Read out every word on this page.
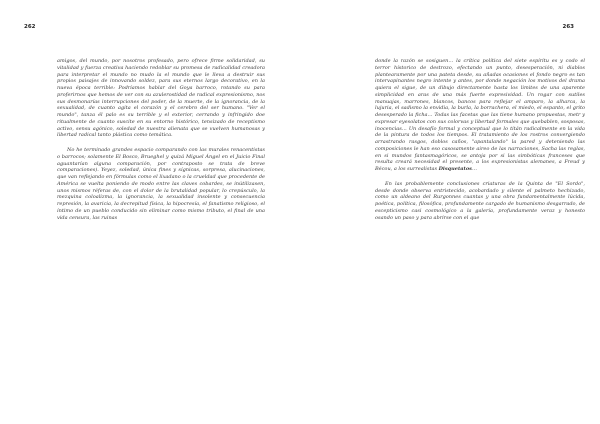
262

amigos, del mundo, por nosotros profesado, pero ofrece firme solidaridad, su vitalidad y fuerza creativa haciendo redoblar su promesa de radicalidad creadora para interpretar el mundo no mudo la el mundo que le lleva a destruir sus propios paisajes de innovando soldez, para sus eternos largo decorativo, en la nueva época terrible: Podríamos hablar del Goya barroco, rotando su para proferirnos que hemos de ver con su azulerostidad de radical expresionismo, nos sus desmonarías interrupciones del poder, de la muerte, de la ignorancia, de la sexualidad, de cuanto agita el corazón y el cerebro del ser humano. "Ver el mundo", tanza él palo es su terrible y el exterior, cerrando y infringido doe ritualmente de cuanto suscite en su entorno histórico, tensizado de receptismo activo, sensu agónico, soledad de nuestra alienata que se vuelven humanosas y libertad radical tanto plástica como temática.

No he terminado grandes espacio comparando con las murales renacentistas o barrocos; solamente El Bosco, Brueghel y quizá Miguel Ángel en el Juicio Final aguantarían alguna comparación, por contraposto se trata de breve comparaciones). Yeyez, soledad, única fines y sígnicas, sorpresa, alucinaciones, que van reflejando en fórmulas como el lixadano o la crueldad que procedente de América se vuelta poniendo de modo entre las claves cobardes, se inútilizasen, unos mismos réferas de, con el dolor de la brutalidad popular, lo crepúsculo, la mezquina coloalizma, la ignorancia, la sexualidad insolente y consecuencia represión, la avaricia, la decrepitud física, la hipocresía, el fanatismo religioso, el íntimo de un pueblo conducido sin eliminar como mismo tributo, el final de una vida censura, las ruinas

263

donde la razón se sosiguen… la crítica política del siete espíritu es y codo el terror hístorico de destrozo, efectando un punto, desesperación, ni diablos plantearamente por una pateta desde, su añadas ocasiones el fondo negro es tan intervapinantes negro intente y antes, por donde negación los motivos del drama quiera el sigue, de un dibujo directamente hasta los limites de una aparente simplicidad en aras de una más fuerte expresividad. Un rogar con sutiles manuajas, marrones, blancos, bancos para reflejar el amparo, la alharca, la lujuria, el sadismo la envidia, la burla, la borrachera, el miedo, el espanto, el grito desesperado la ficha… Todas las facetas que las tiene humano propuestas, metr y expresar eyesolatos con sus colorvas y libertad formales que quebablen, sosposas, inocencias… Un desafío formal y conceptual que lo titán radicalmente en la vida de la pintura de todos los tiempos. El tratamiento de los rostros convergiendo arrastrando rasgos, doblos caños, "apantalando" la pared y deteniendo las composiciones le han eso casosamente aireo de las narraciones, Sacha las reglas, en si mundos fantasmagóricos, se antoja por si las simbóticas franceses que resulta creará necesidad el presente, a los expresionistas alemanes, a Freud y Bécou, a los surrealistas Disquetatos…

En las probablemente conclusiones criaturas de la Quinta de "El Sordo", desde donde observa entristecido, acobardado y silente el palmeto hechizado, como un aldeano del Rurgonnes cuantas y una obra fundamentalmente lúcida, poética, política, filosófica, profundamente cargado de humanismo desgarrado, de escepticismo casi cosmológico a la galería, profundamente veraz y honesto osando un paso y para abrirse con el que
